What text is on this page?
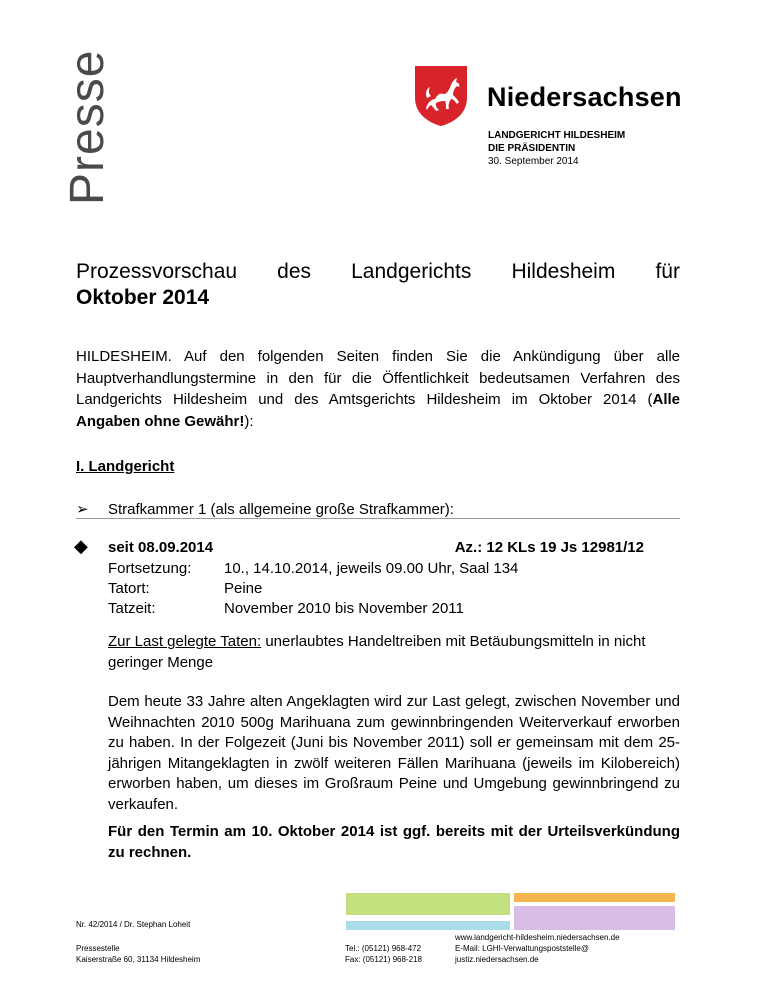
Presse	Niedersachsen
LANDGERICHT HILDESHEIM
DIE PRÄSIDENTIN
30. September 2014
Prozessvorschau des Landgerichts Hildesheim für
Oktober 2014
HILDESHEIM. Auf den folgenden Seiten finden Sie die Ankündigung über alle Hauptverhandlungstermine in den für die Öffentlichkeit bedeutsamen Verfahren des Landgerichts Hildesheim und des Amtsgerichts Hildesheim im Oktober 2014 (Alle Angaben ohne Gewähr!):
I. Landgericht
➢ Strafkammer 1 (als allgemeine große Strafkammer):
◆ seit 08.09.2014	Az.: 12 KLs 19 Js 12981/12
Fortsetzung: 10., 14.10.2014, jeweils 09.00 Uhr, Saal 134
Tatort:	Peine
Tatzeit:	November 2010 bis November 2011
Zur Last gelegte Taten: unerlaubtes Handeltreiben mit Betäubungsmitteln in nicht geringer Menge
Dem heute 33 Jahre alten Angeklagten wird zur Last gelegt, zwischen November und Weihnachten 2010 500g Marihuana zum gewinnbringenden Weiterverkauf erworben zu haben. In der Folgezeit (Juni bis November 2011) soll er gemeinsam mit dem 25-jährigen Mitangeklagten in zwölf weiteren Fällen Marihuana (jeweils im Kilobereich) erworben haben, um dieses im Großraum Peine und Umgebung gewinnbringend zu verkaufen.
Für den Termin am 10. Oktober 2014 ist ggf. bereits mit der Urteilsverkündung zu rechnen.
Nr. 42/2014 / Dr. Stephan Loheit
Pressestelle
Kaiserstraße 60, 31134 Hildesheim
Tel.: (05121) 968-472
Fax: (05121) 968-218
www.landgericht-hildesheim.niedersachsen.de
E-Mail: LGHI-Verwaltungspoststelle@
justiz.niedersachsen.de
